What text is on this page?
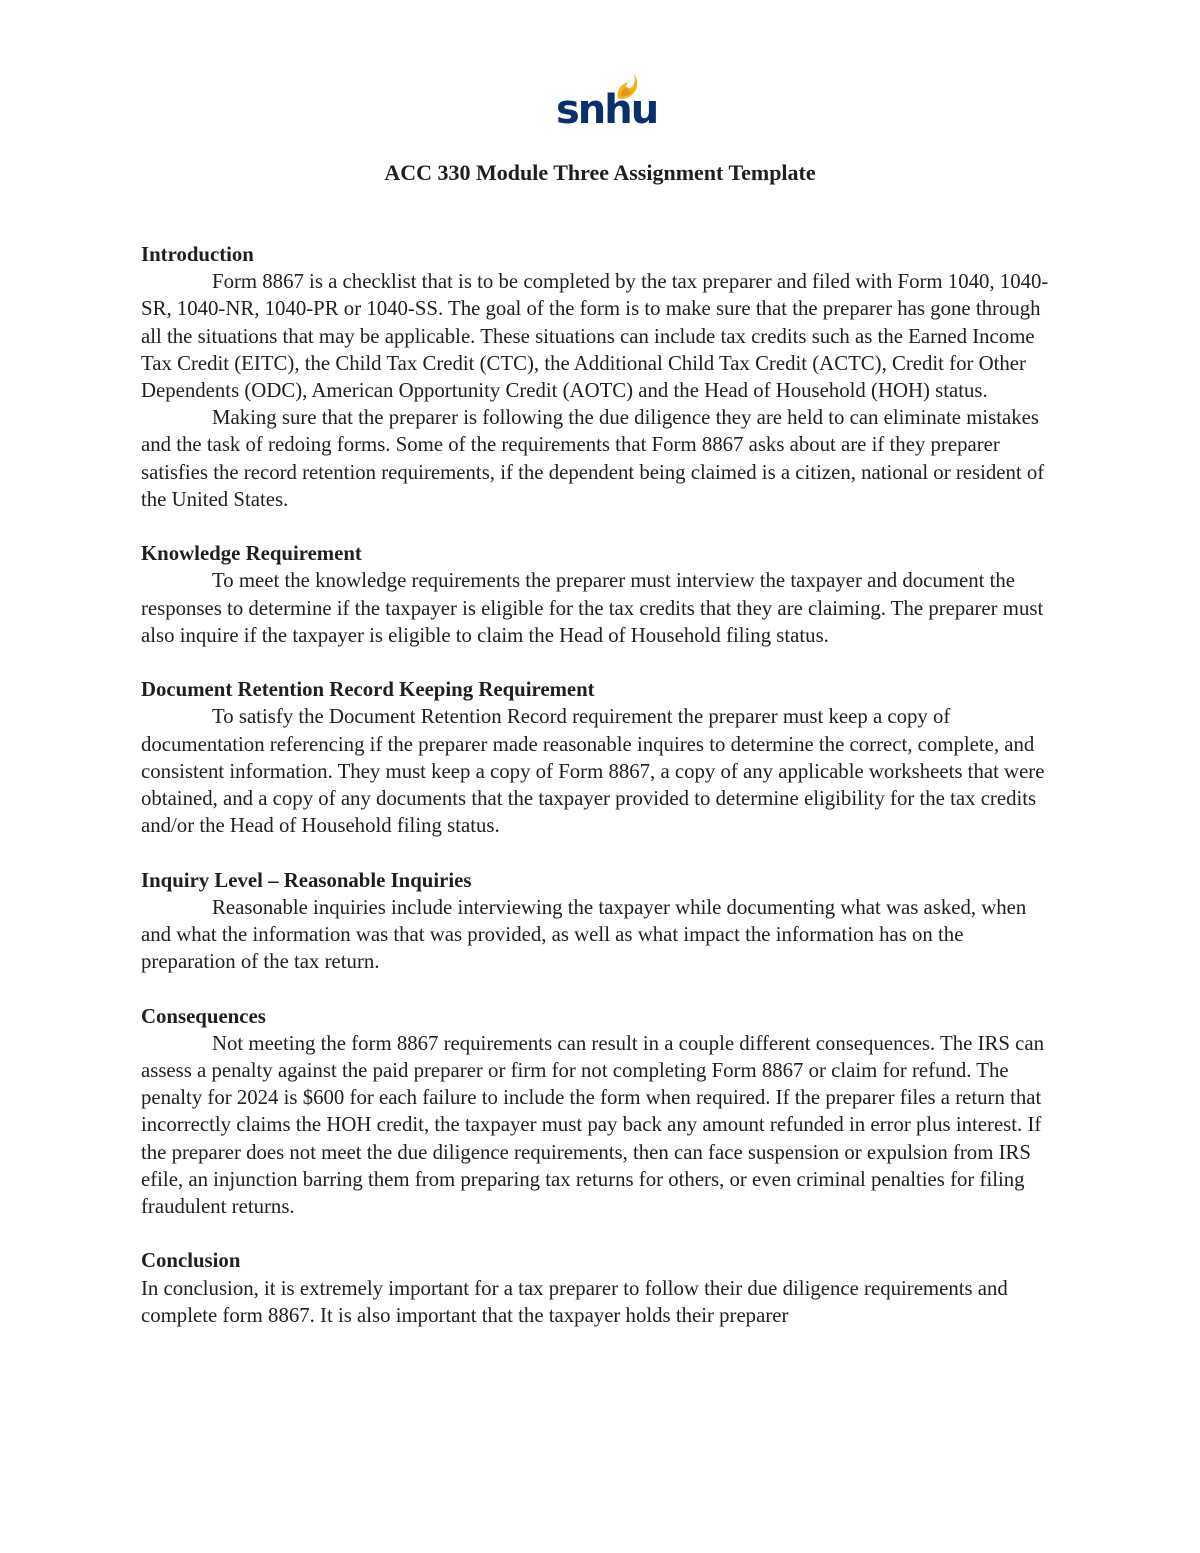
snhu
ACC 330 Module Three Assignment Template

Introduction

Form 8867 is a checklist that is to be completed by the tax preparer and filed with Form 1040, 1040-SR, 1040-NR, 1040-PR or 1040-SS. The goal of the form is to make sure that the preparer has gone through all the situations that may be applicable. These situations can include tax credits such as the Earned Income Tax Credit (EITC), the Child Tax Credit (CTC), the Additional Child Tax Credit (ACTC), Credit for Other Dependents (ODC), American Opportunity Credit (AOTC) and the Head of Household (HOH) status.

Making sure that the preparer is following the due diligence they are held to can eliminate mistakes and the task of redoing forms. Some of the requirements that Form 8867 asks about are if they preparer satisfies the record retention requirements, if the dependent being claimed is a citizen, national or resident of the United States.

Knowledge Requirement

To meet the knowledge requirements the preparer must interview the taxpayer and document the responses to determine if the taxpayer is eligible for the tax credits that they are claiming. The preparer must also inquire if the taxpayer is eligible to claim the Head of Household filing status.

Document Retention Record Keeping Requirement

To satisfy the Document Retention Record requirement the preparer must keep a copy of documentation referencing if the preparer made reasonable inquires to determine the correct, complete, and consistent information. They must keep a copy of Form 8867, a copy of any applicable worksheets that were obtained, and a copy of any documents that the taxpayer provided to determine eligibility for the tax credits and/or the Head of Household filing status.

Inquiry Level – Reasonable Inquiries

Reasonable inquiries include interviewing the taxpayer while documenting what was asked, when and what the information was that was provided, as well as what impact the information has on the preparation of the tax return.

Consequences

Not meeting the form 8867 requirements can result in a couple different consequences. The IRS can assess a penalty against the paid preparer or firm for not completing Form 8867 or claim for refund. The penalty for 2024 is $600 for each failure to include the form when required. If the preparer files a return that incorrectly claims the HOH credit, the taxpayer must pay back any amount refunded in error plus interest. If the preparer does not meet the due diligence requirements, then can face suspension or expulsion from IRS efile, an injunction barring them from preparing tax returns for others, or even criminal penalties for filing fraudulent returns.

Conclusion

In conclusion, it is extremely important for a tax preparer to follow their due diligence requirements and complete form 8867. It is also important that the taxpayer holds their preparer
